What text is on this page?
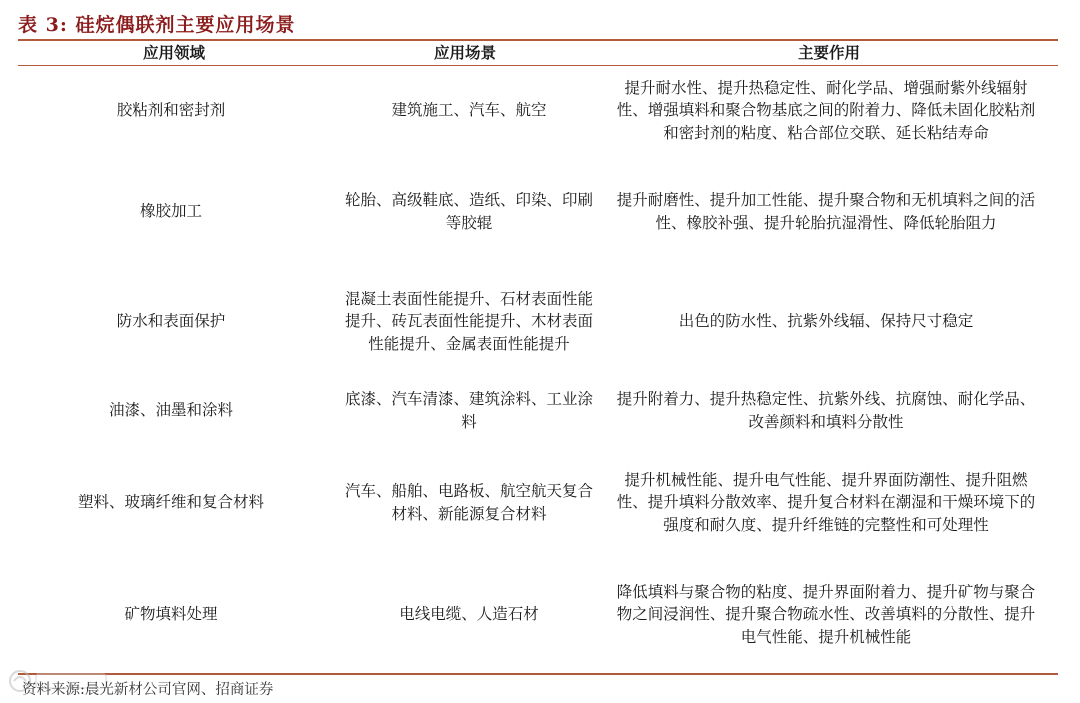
表 3: 硅烷偶联剂主要应用场景
应用领域	应用场景	主要作用
胶粘剂和密封剂	建筑施工、汽车、航空	提升耐水性、提升热稳定性、耐化学品、增强耐紫外线辐射性、增强填料和聚合物基底之间的附着力、降低未固化胶粘剂和密封剂的粘度、粘合部位交联、延长粘结寿命
橡胶加工	轮胎、高级鞋底、造纸、印染、印刷等胶辊	提升耐磨性、提升加工性能、提升聚合物和无机填料之间的活性、橡胶补强、提升轮胎抗湿滑性、降低轮胎阻力
防水和表面保护	混凝土表面性能提升、石材表面性能提升、砖瓦表面性能提升、木材表面性能提升、金属表面性能提升	出色的防水性、抗紫外线辐、保持尺寸稳定
油漆、油墨和涂料	底漆、汽车清漆、建筑涂料、工业涂料	提升附着力、提升热稳定性、抗紫外线、抗腐蚀、耐化学品、改善颜料和填料分散性
塑料、玻璃纤维和复合材料	汽车、船舶、电路板、航空航天复合材料、新能源复合材料	提升机械性能、提升电气性能、提升界面防潮性、提升阻燃性、提升填料分散效率、提升复合材料在潮湿和干燥环境下的强度和耐久度、提升纤维链的完整性和可处理性
矿物填料处理	电线电缆、人造石材	降低填料与聚合物的粘度、提升界面附着力、提升矿物与聚合物之间浸润性、提升聚合物疏水性、改善填料的分散性、提升电气性能、提升机械性能
资料来源:晨光新材公司官网、招商证券
